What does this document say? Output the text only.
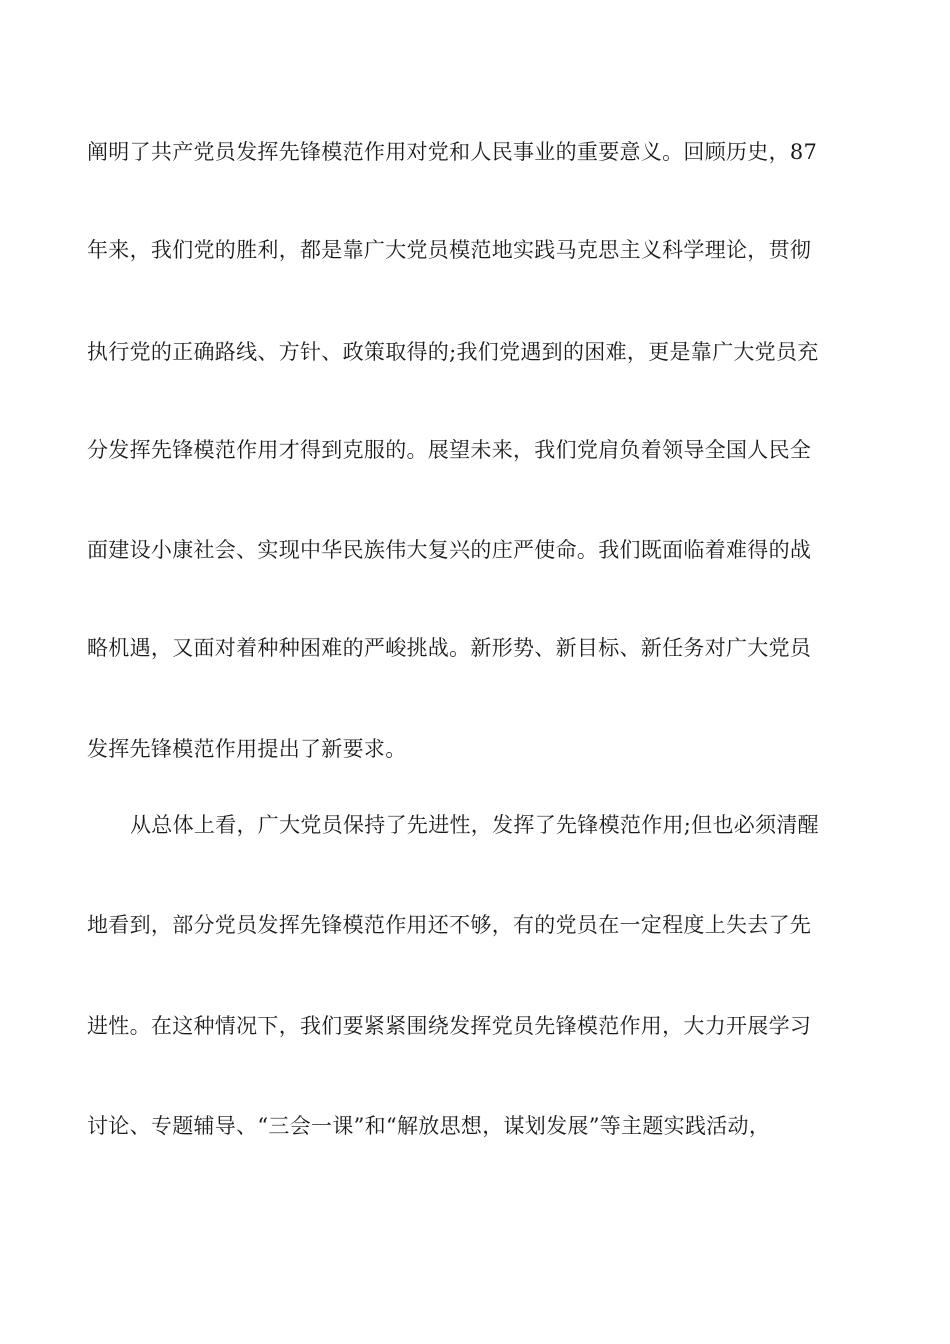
阐明了共产党员发挥先锋模范作用对党和人民事业的重要意义。回顾历史，87
年来，我们党的胜利，都是靠广大党员模范地实践马克思主义科学理论，贯彻
执行党的正确路线、方针、政策取得的;我们党遇到的困难，更是靠广大党员充
分发挥先锋模范作用才得到克服的。展望未来，我们党肩负着领导全国人民全
面建设小康社会、实现中华民族伟大复兴的庄严使命。我们既面临着难得的战
略机遇，又面对着种种困难的严峻挑战。新形势、新目标、新任务对广大党员
发挥先锋模范作用提出了新要求。
从总体上看，广大党员保持了先进性，发挥了先锋模范作用;但也必须清醒
地看到，部分党员发挥先锋模范作用还不够，有的党员在一定程度上失去了先
进性。在这种情况下，我们要紧紧围绕发挥党员先锋模范作用，大力开展学习
讨论、专题辅导、“三会一课”和“解放思想，谋划发展”等主题实践活动，
